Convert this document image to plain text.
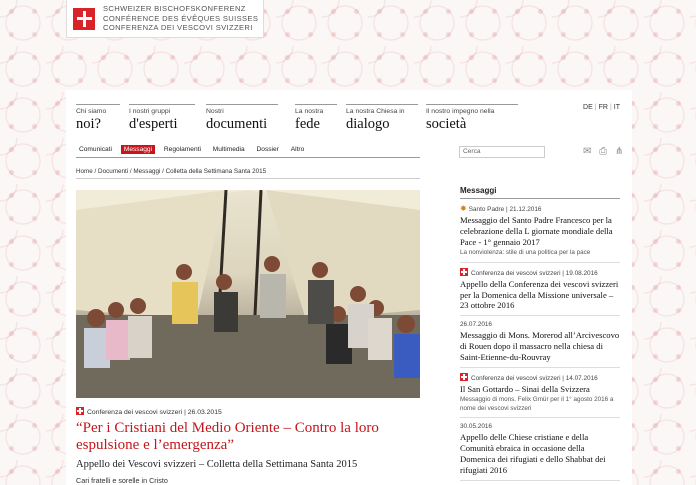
SCHWEIZER BISCHOFSKONFERENZ
CONFÉRENCE DES ÉVÊQUES SUISSES
CONFERENZA DEI VESCOVI SVIZZERI
Chi siamo
noi?
I nostri gruppi
d'esperti
Nostri
documenti
La nostra
fede
La nostra Chiesa in
dialogo
Il nostro impegno nella
società
DE | FR | IT
Comunicati Messaggi Regolamenti Multimedia Dossier Altro	Cerca	✉ ⎙ ⋔
Home / Documenti / Messaggi / Colletta della Settimana Santa 2015
Conferenza dei vescovi svizzeri | 26.03.2015
“Per i Cristiani del Medio Oriente – Contro la loro espulsione e l’emergenza”
Appello dei Vescovi svizzeri – Colletta della Settimana Santa 2015
Cari fratelli e sorelle in Cristo
Messaggi
✸ Santo Padre | 21.12.2016
Messaggio del Santo Padre Francesco per la celebrazione della L giornate mondiale della Pace - 1° gennaio 2017
La nonviolenza: stile di una politica per la pace
Conferenza dei vescovi svizzeri | 19.08.2016
Appello della Conferenza dei vescovi svizzeri per la Domenica della Missione universale – 23 ottobre 2016
26.07.2016
Messaggio di Mons. Morerod all’Arcivescovo di Rouen dopo il massacro nella chiesa di Saint-Etienne-du-Rouvray
Conferenza dei vescovi svizzeri | 14.07.2016
Il San Gottardo – Sinai della Svizzera
Messaggio di mons. Felix Gmür per il 1° agosto 2016 a nome dei vescovi svizzeri
30.05.2016
Appello delle Chiese cristiane e della Comunità ebraica in occasione della Domenica dei rifugiati e dello Shabbat dei rifugiati 2016
